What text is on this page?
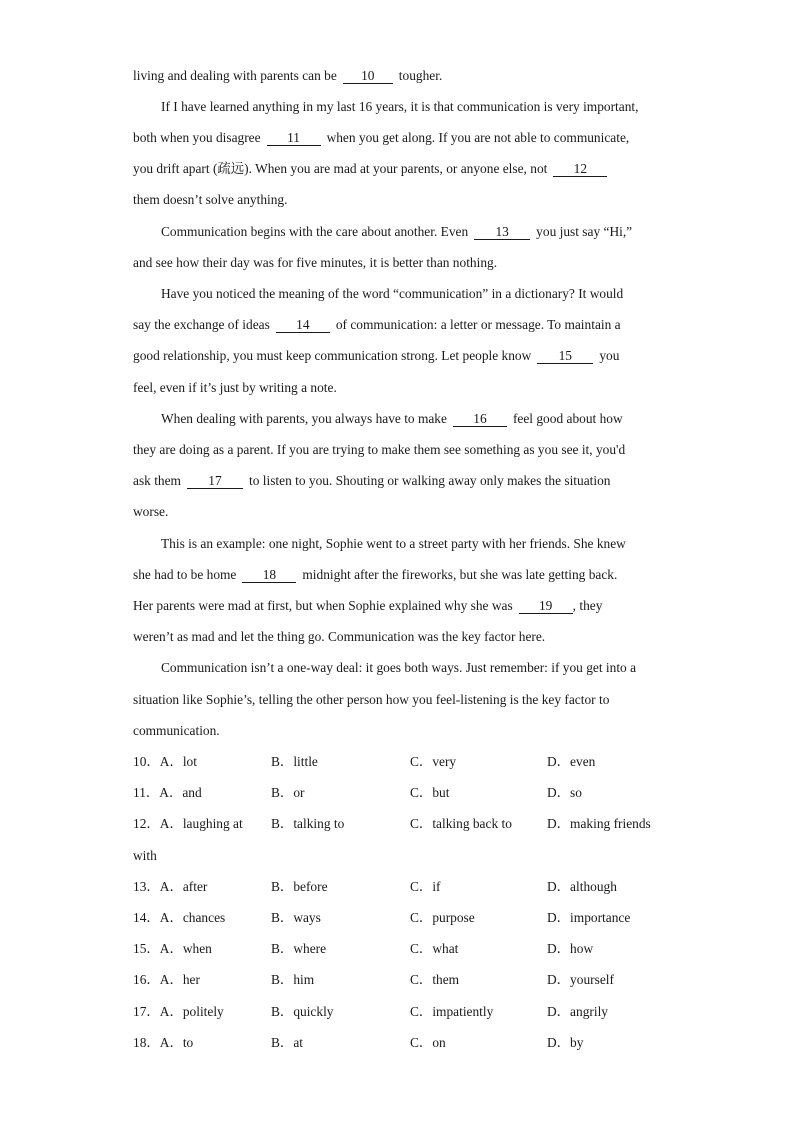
living and dealing with parents can be 10 tougher.
If I have learned anything in my last 16 years, it is that communication is very important,
both when you disagree 11 when you get along. If you are not able to communicate,
you drift apart (疏远). When you are mad at your parents, or anyone else, not 12
them doesn’t solve anything.
Communication begins with the care about another. Even 13 you just say “Hi,”
and see how their day was for five minutes, it is better than nothing.
Have you noticed the meaning of the word “communication” in a dictionary? It would
say the exchange of ideas 14 of communication: a letter or message. To maintain a
good relationship, you must keep communication strong. Let people know 15 you
feel, even if it’s just by writing a note.
When dealing with parents, you always have to make 16 feel good about how
they are doing as a parent. If you are trying to make them see something as you see it, you'd
ask them 17 to listen to you. Shouting or walking away only makes the situation
worse.
This is an example: one night, Sophie went to a street party with her friends. She knew
she had to be home 18 midnight after the fireworks, but she was late getting back.
Her parents were mad at first, but when Sophie explained why she was 19 , they
weren’t as mad and let the thing go. Communication was the key factor here.
Communication isn’t a one-way deal: it goes both ways. Just remember: if you get into a
situation like Sophie’s, telling the other person how you feel-listening is the key factor to
communication.
10．A．lot	B．little	C．very	D．even
11．A．and	B．or	C．but	D．so
12．A．laughing at B．talking to	C．talking back to	D．making friends
with
13．A．after	B．before	C．if	D．although
14．A．chances	B．ways	C．purpose	D．importance
15．A．when	B．where	C．what	D．how
16．A．her	B．him	C．them	D．yourself
17．A．politely	B．quickly	C．impatiently	D．angrily
18．A．to	B．at	C．on	D．by
